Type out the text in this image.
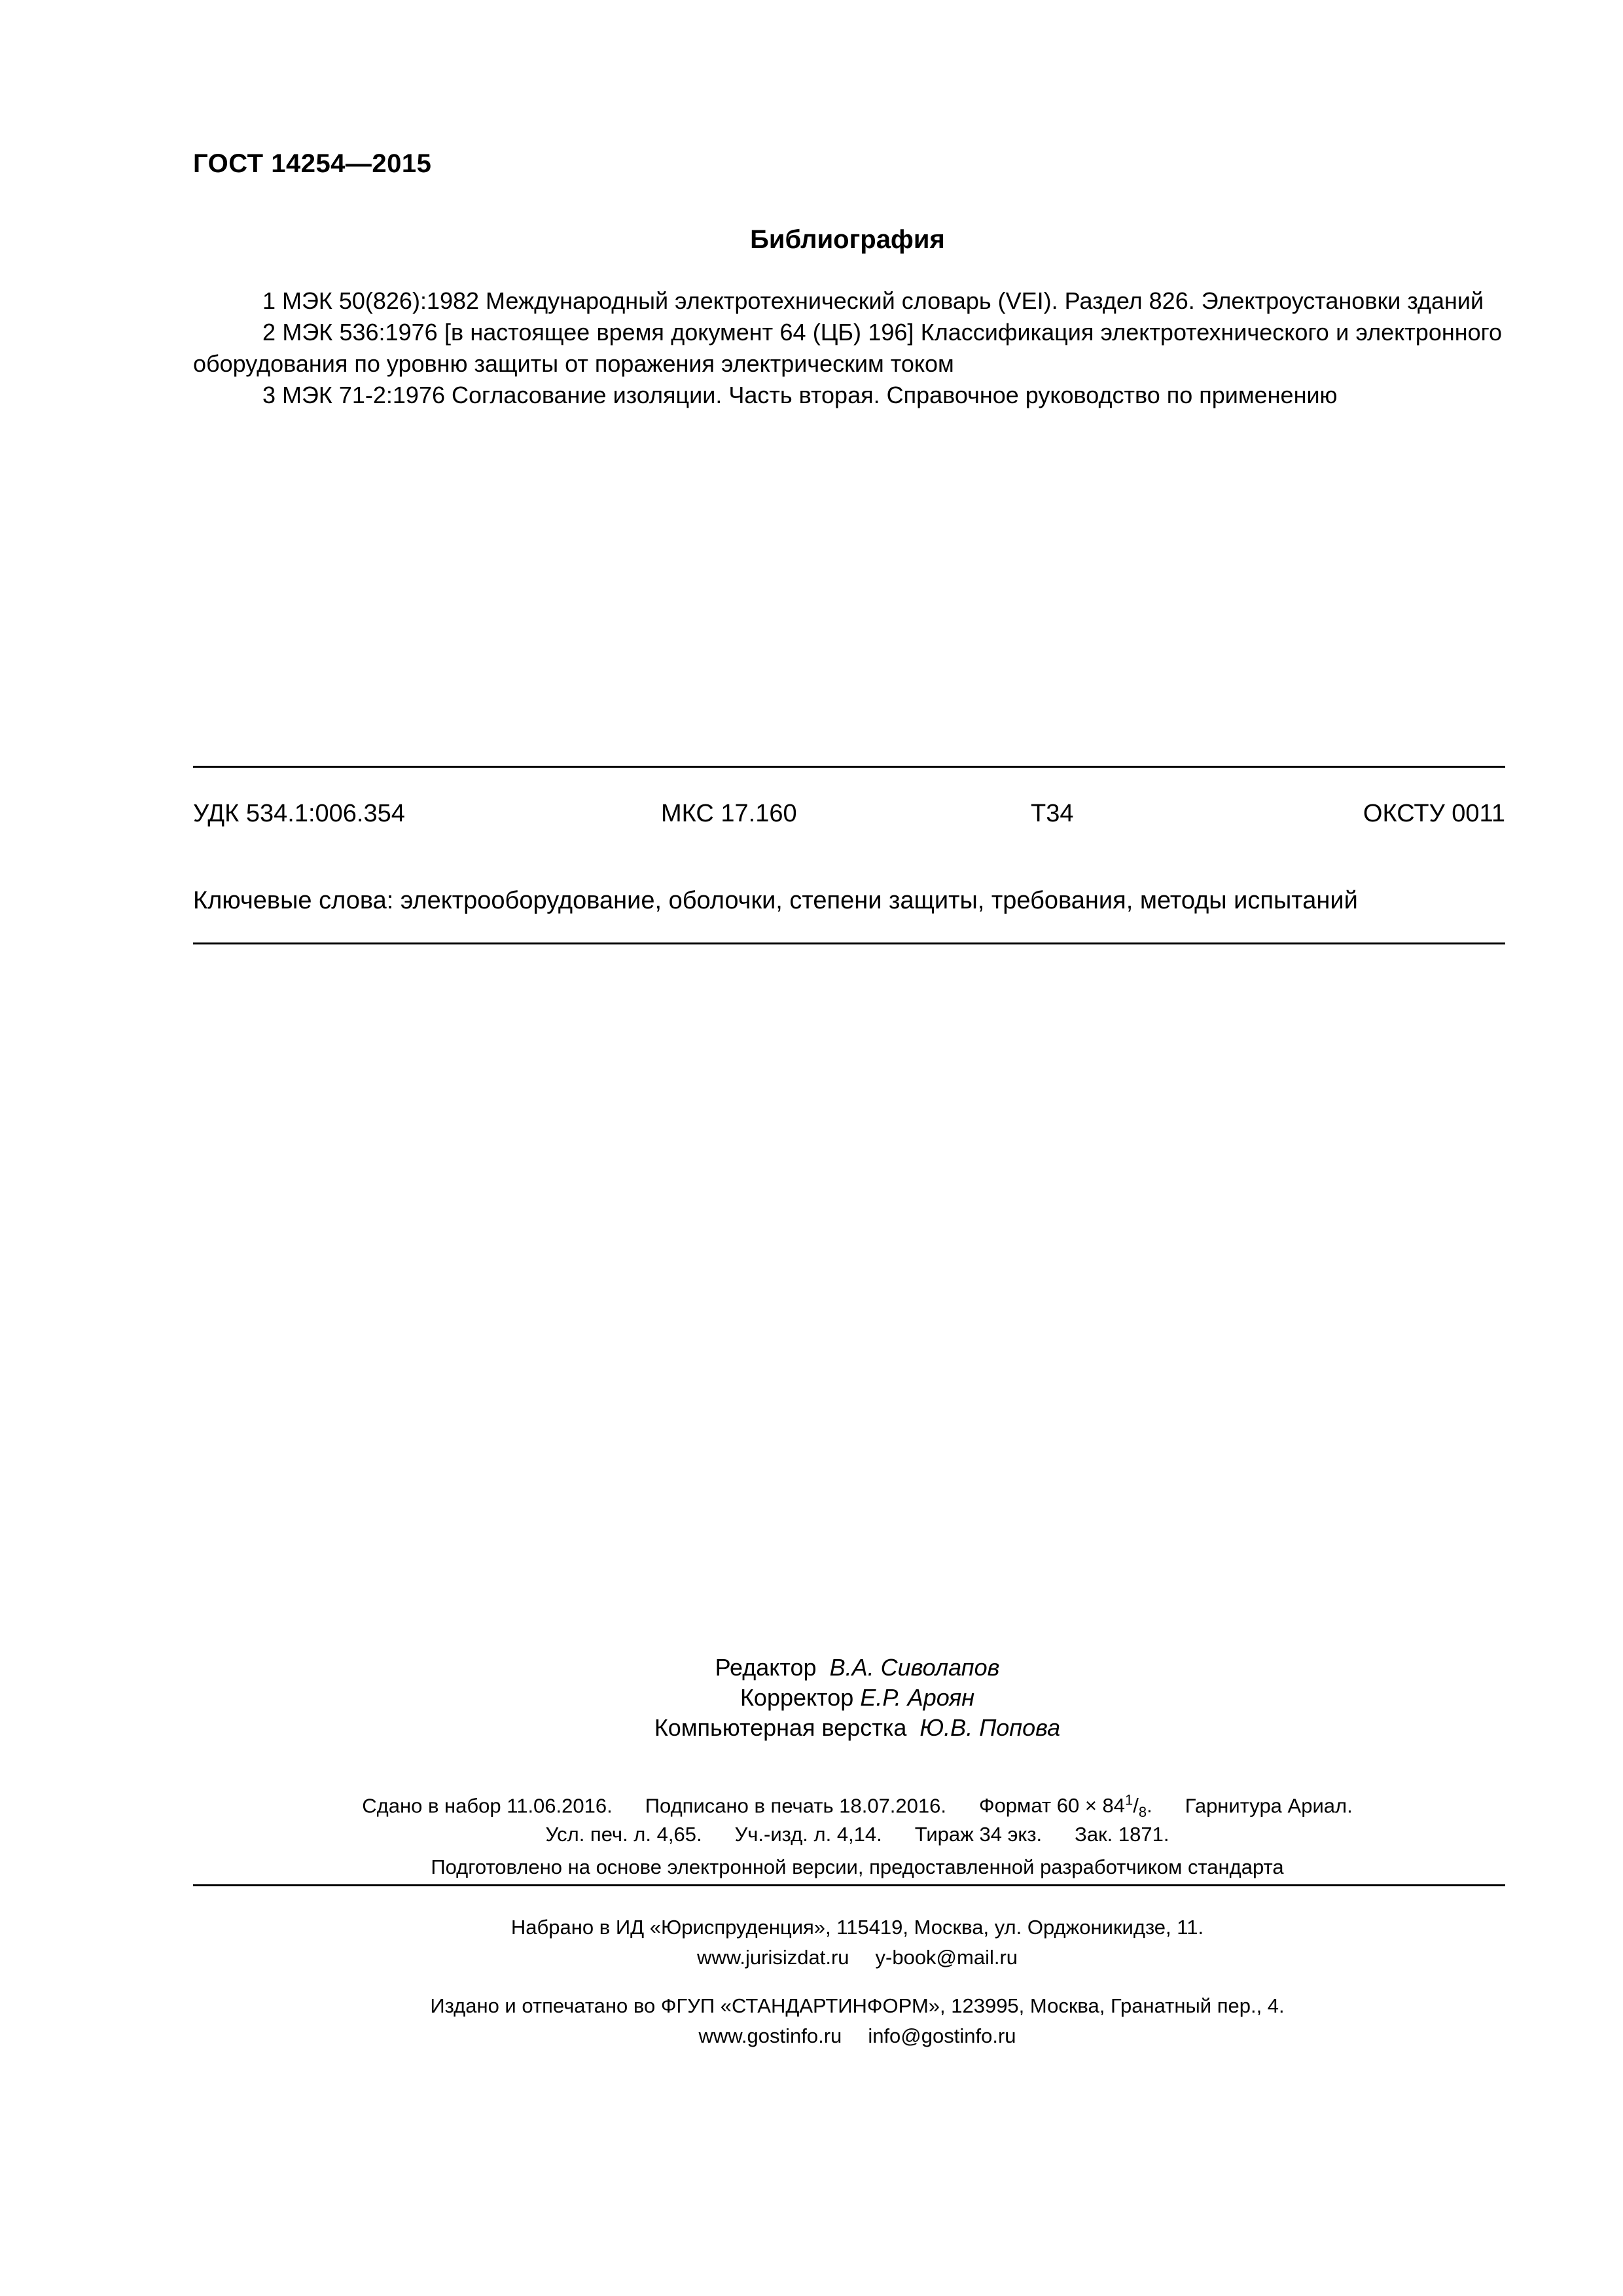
ГОСТ 14254—2015
Библиография

1 МЭК 50(826):1982 Международный электротехнический словарь (VEI). Раздел 826. Электроустановки зданий

2 МЭК 536:1976 [в настоящее время документ 64 (ЦБ) 196] Классификация электротехнического и электронного оборудования по уровню защиты от поражения электрическим током

3 МЭК 71-2:1976 Согласование изоляции. Часть вторая. Справочное руководство по применению

УДК 534.1:006.354	МКС 17.160	Т34	ОКСТУ 0011
Ключевые слова: электрооборудование, оболочки, степени защиты, требования, методы испытаний
Редактор В.А. Сиволапов
Корректор Е.Р. Ароян
Компьютерная верстка Ю.В. Попова
Сдано в набор 11.06.2016. Подписано в печать 18.07.2016. Формат $60 \times 84^1/_8$. Гарнитура Ариал.
Усл. печ. л. 4,65. Уч.-изд. л. 4,14. Тираж 34 экз. Зак. 1871.
Подготовлено на основе электронной версии, предоставленной разработчиком стандарта
Набрано в ИД «Юриспруденция», 115419, Москва, ул. Орджоникидзе, 11.
www.jurisizdat.ru y-book@mail.ru
Издано и отпечатано во ФГУП «СТАНДАРТИНФОРМ», 123995, Москва, Гранатный пер., 4.
www.gostinfo.ru info@gostinfo.ru
